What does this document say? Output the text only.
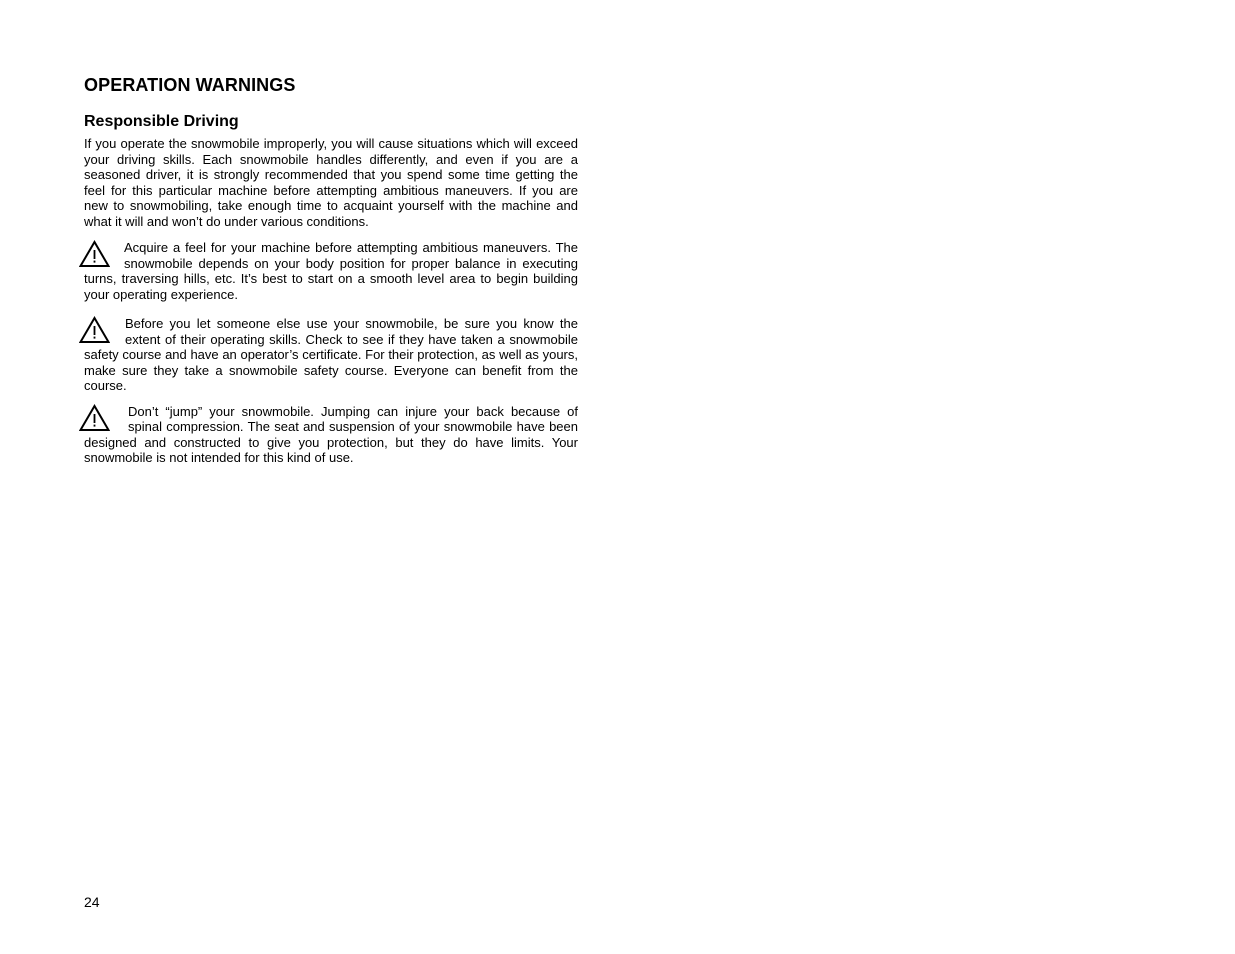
OPERATION WARNINGS
Responsible Driving

If you operate the snowmobile improperly, you will cause situations which will exceed your driving skills. Each snowmobile handles differently, and even if you are a seasoned driver, it is strongly recommended that you spend some time getting the feel for this particular machine before attempting ambitious maneuvers. If you are new to snowmobiling, take enough time to acquaint yourself with the machine and what it will and won’t do under various conditions.

Acquire a feel for your machine before attempting ambitious maneuvers. The snowmobile depends on your body position for proper balance in executing turns, traversing hills, etc. It’s best to start on a smooth level area to begin building your operating experience.

Before you let someone else use your snowmobile, be sure you know the extent of their operating skills. Check to see if they have taken a snowmobile safety course and have an operator’s certificate. For their protection, as well as yours, make sure they take a snowmobile safety course. Everyone can benefit from the course.

Don’t “jump” your snowmobile. Jumping can injure your back because of spinal compression. The seat and suspension of your snowmobile have been designed and constructed to give you protection, but they do have limits. Your snowmobile is not intended for this kind of use.

24
